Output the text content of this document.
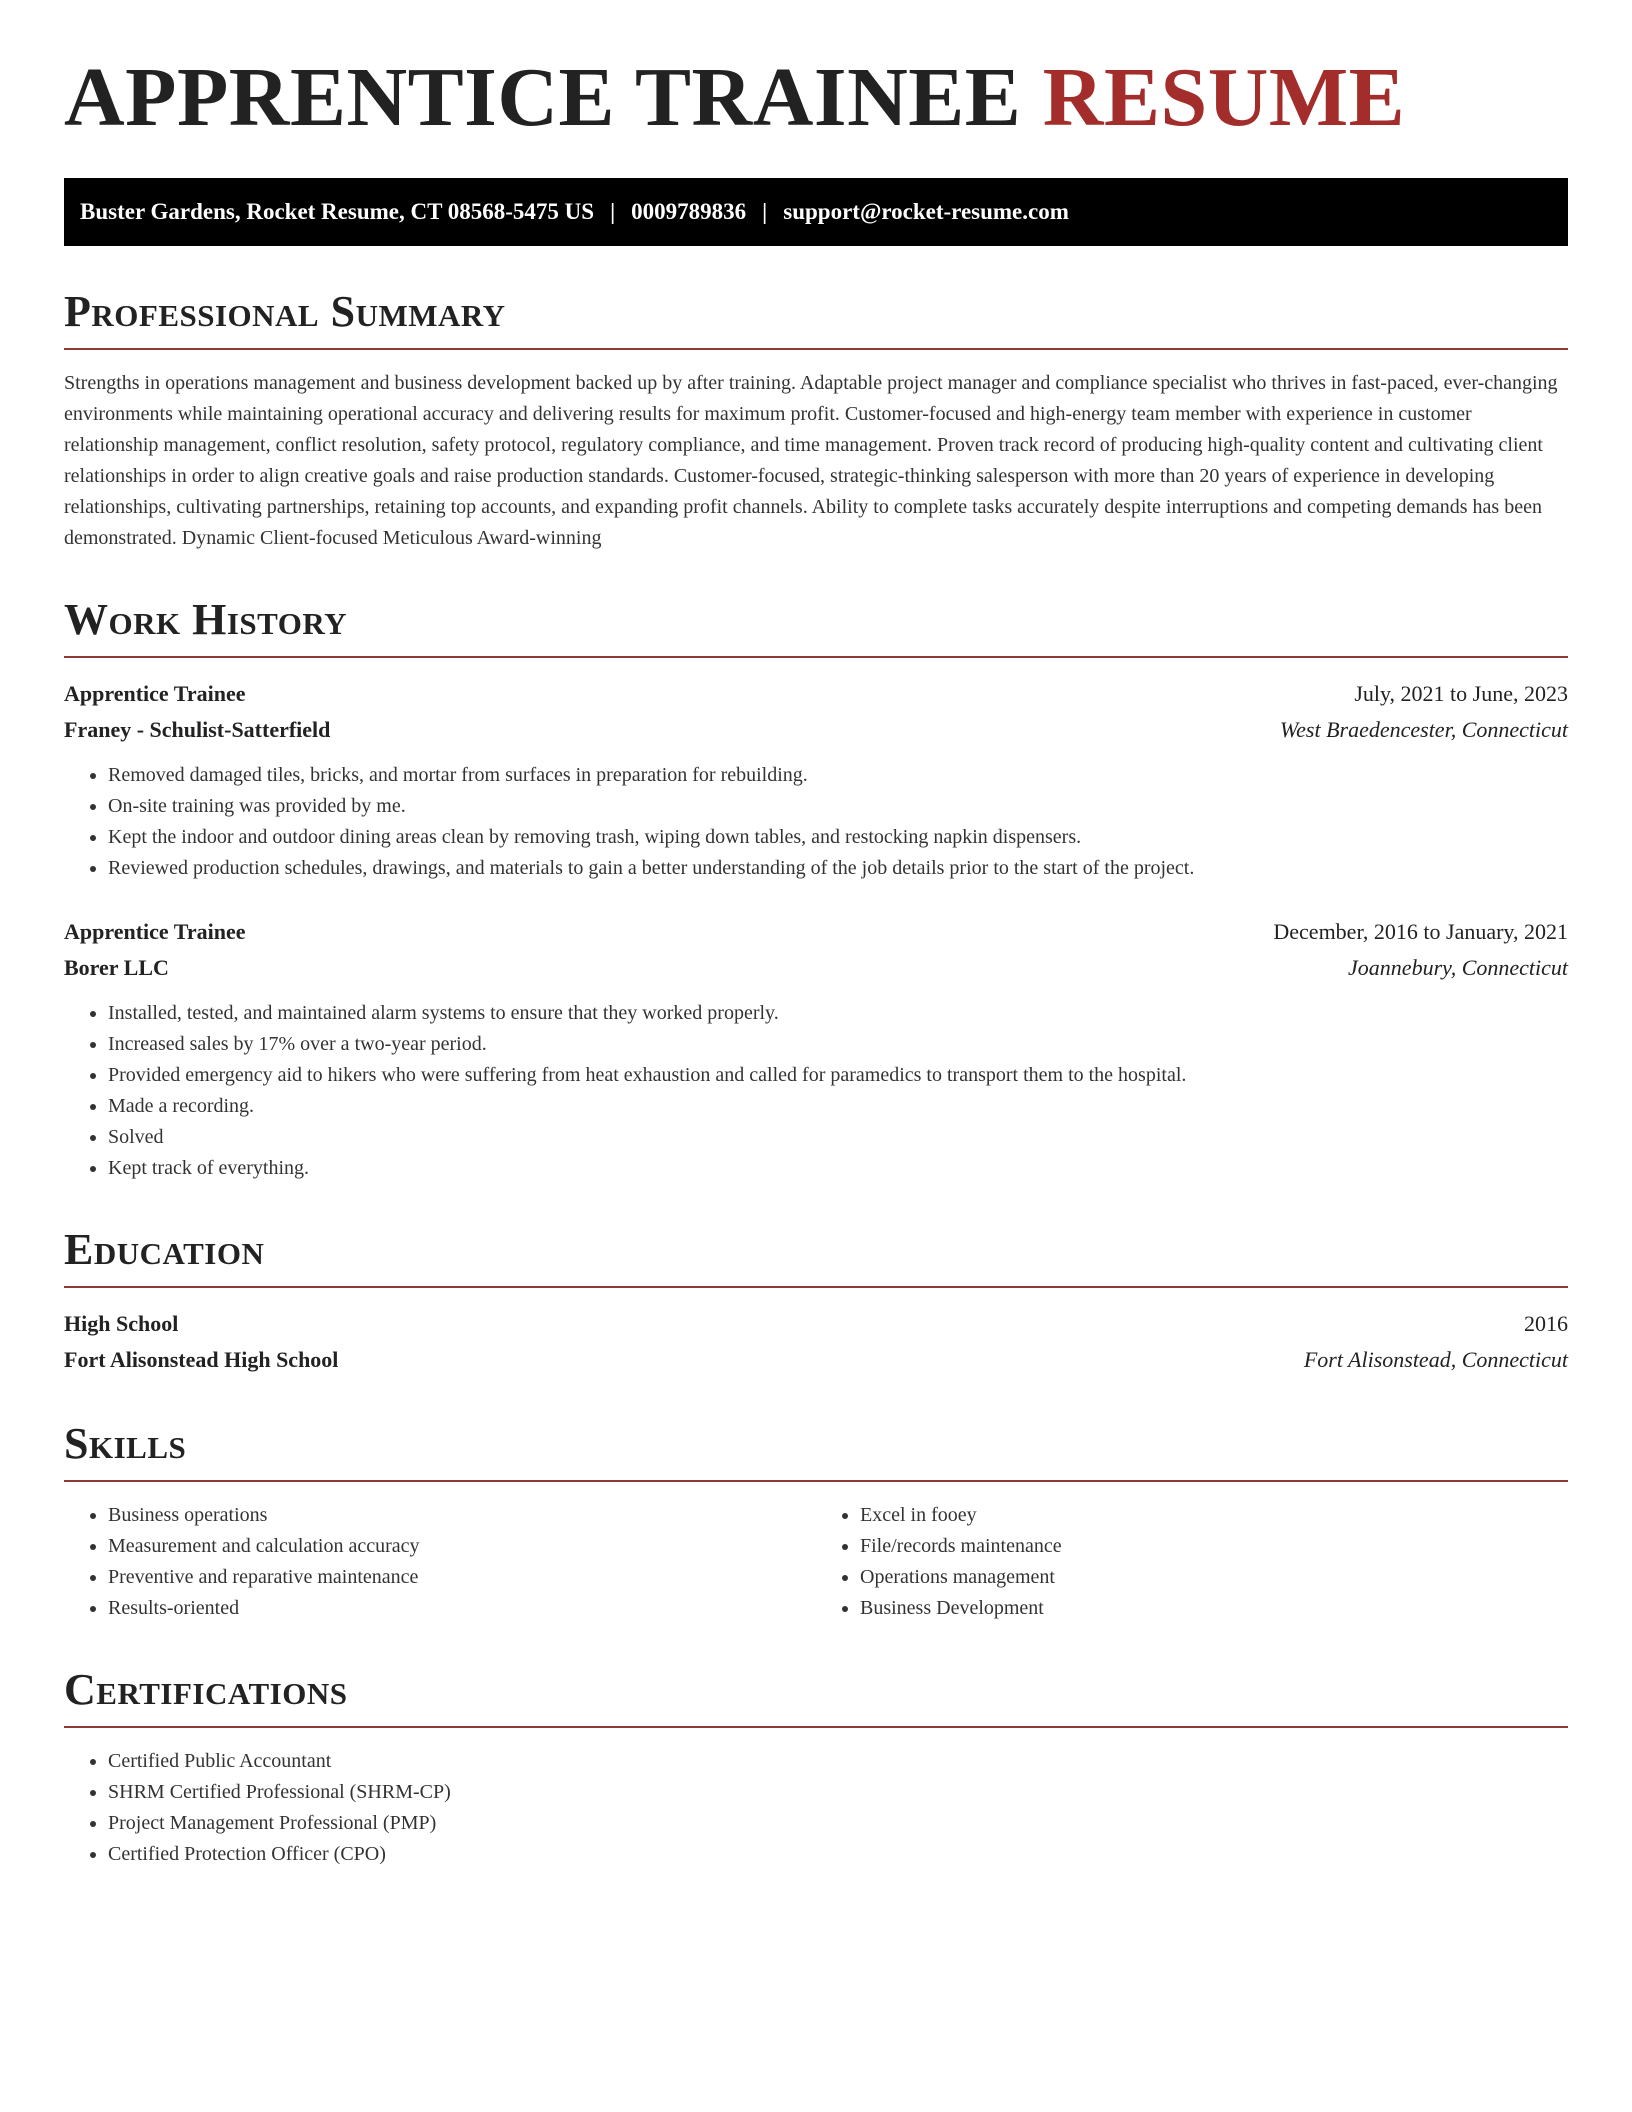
APPRENTICE TRAINEE RESUME
Buster Gardens, Rocket Resume, CT 08568-5475 US | 0009789836 | support@rocket-resume.com
Professional Summary

Strengths in operations management and business development backed up by after training. Adaptable project manager and compliance specialist who thrives in fast-paced, ever-changing environments while maintaining operational accuracy and delivering results for maximum profit. Customer-focused and high-energy team member with experience in customer relationship management, conflict resolution, safety protocol, regulatory compliance, and time management. Proven track record of producing high-quality content and cultivating client relationships in order to align creative goals and raise production standards. Customer-focused, strategic-thinking salesperson with more than 20 years of experience in developing relationships, cultivating partnerships, retaining top accounts, and expanding profit channels. Ability to complete tasks accurately despite interruptions and competing demands has been demonstrated. Dynamic Client-focused Meticulous Award-winning

Work History
Apprentice Trainee	July, 2021 to June, 2023
Franey - Schulist-Satterfield	West Braedencester, Connecticut
• Removed damaged tiles, bricks, and mortar from surfaces in preparation for rebuilding.
• On-site training was provided by me.
• Kept the indoor and outdoor dining areas clean by removing trash, wiping down tables, and restocking napkin dispensers.
• Reviewed production schedules, drawings, and materials to gain a better understanding of the job details prior to the start of the project.
Apprentice Trainee	December, 2016 to January, 2021
Borer LLC	Joannebury, Connecticut
• Installed, tested, and maintained alarm systems to ensure that they worked properly.
• Increased sales by 17% over a two-year period.
• Provided emergency aid to hikers who were suffering from heat exhaustion and called for paramedics to transport them to the hospital.
• Made a recording.
• Solved
• Kept track of everything.
Education
High School	2016
Fort Alisonstead High School	Fort Alisonstead, Connecticut
Skills
• Business operations
• Measurement and calculation accuracy
• Preventive and reparative maintenance
• Results-oriented
• Excel in fooey
• File/records maintenance
• Operations management
• Business Development
Certifications
• Certified Public Accountant
• SHRM Certified Professional (SHRM-CP)
• Project Management Professional (PMP)
• Certified Protection Officer (CPO)
